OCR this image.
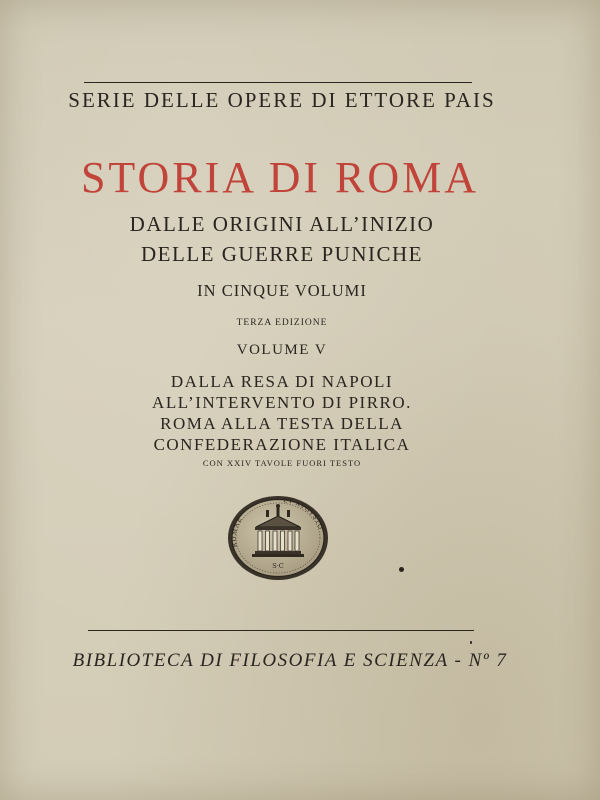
SERIE DELLE OPERE DI ETTORE PAIS
STORIA DI ROMA
DALLE ORIGINI ALL’INIZIO
DELLE GUERRE PUNICHE
IN CINQUE VOLUMI
TERZA EDIZIONE
VOLUME V
DALLA RESA DI NAPOLI
ALL’INTERVENTO DI PIRRO.
ROMA ALLA TESTA DELLA
CONFEDERAZIONE ITALICA
CON XXIV TAVOLE FUORI TESTO
ROMAE
ET AVGVSTO
S·C
BIBLIOTECA DI FILOSOFIA E SCIENZA - Nº 7
